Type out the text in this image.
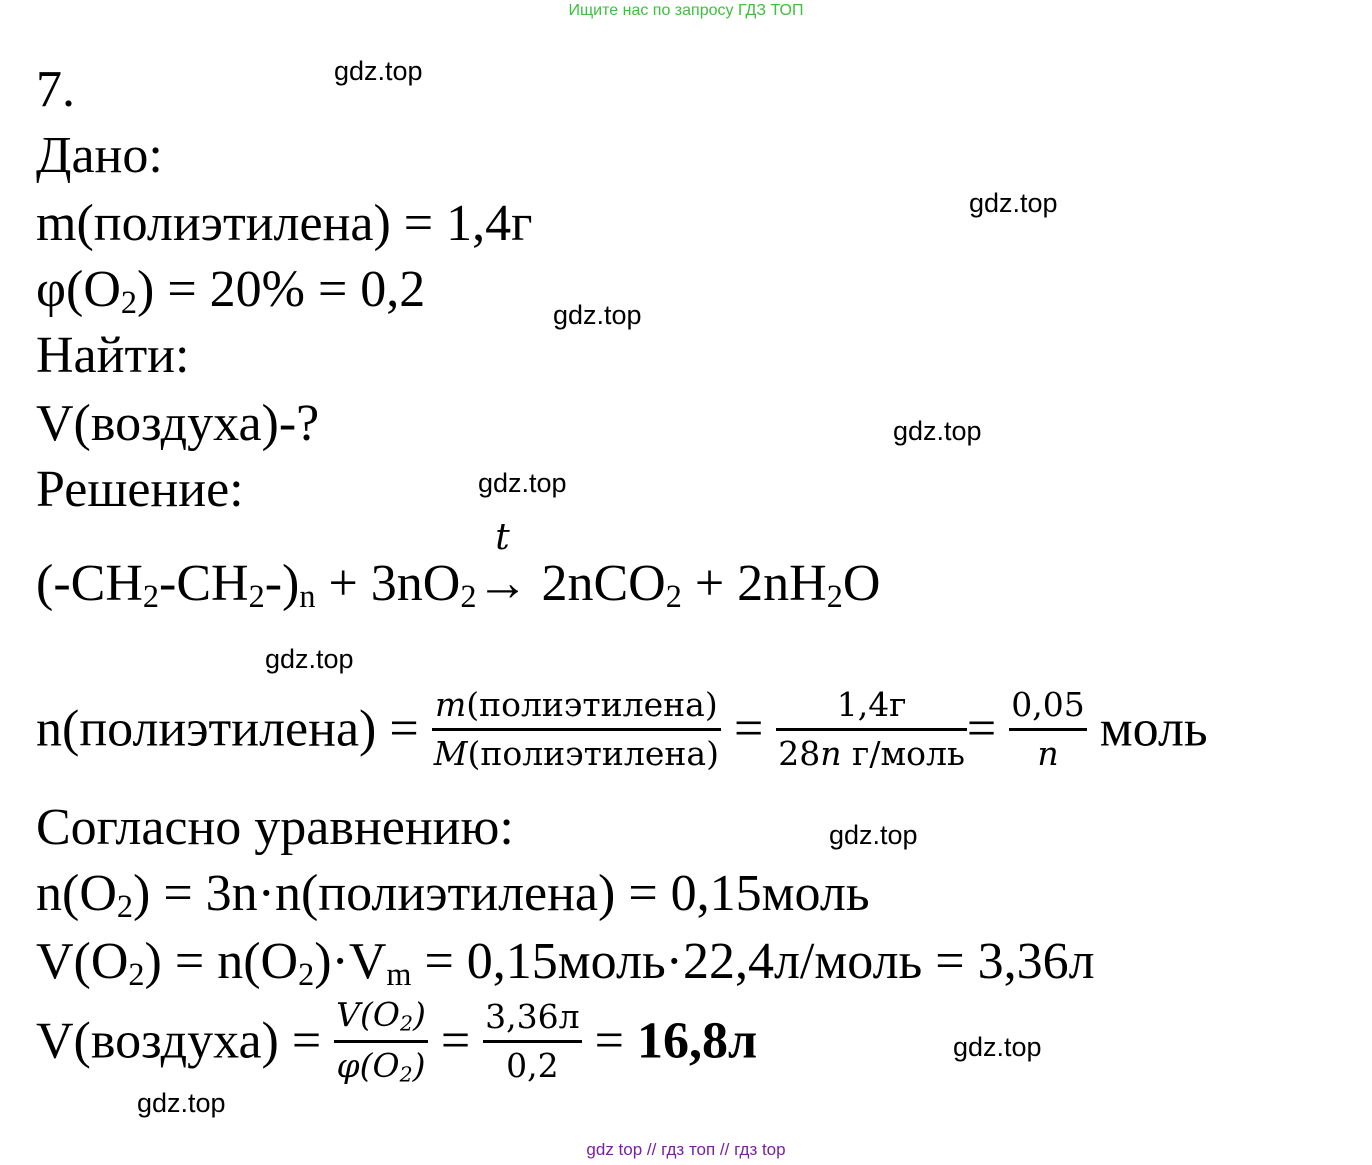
Ищите нас по запросу ГДЗ ТОП
gdz.top
gdz.top
gdz.top
gdz.top
gdz.top
gdz.top
gdz.top
gdz.top
gdz.top
7.
Дано:
m(полиэтилена) = 1,4г
$\varphi(O_2) = 20\% = 0,2$
Найти:
V(воздуха)-?
Решение:
$(-CH_2-CH_2-)_n + 3nO_2$
t
→ $2nCO_2 + 2nH_2O$
n(полиэтилена) = $\frac{\text{m(полиэтилена)}}{\text{M(полиэтилена)}} = \frac{1,4г}{\text{28n г/моль}} = \frac{0,05}{n}$ моль
Согласно уравнению:
$n(O_2)$ = 3n·n(полиэтилена) = 0,15моль
$V(O_2) = n(O_2)\cdot V_m$ = 0,15моль·22,4л/моль = 3,36л
V(воздуха) = $\frac{V(O_2)}{\varphi(O_2)} = \frac{3,36л}{0,2} = 16,8л$
gdz top // гдз топ // гдз top
